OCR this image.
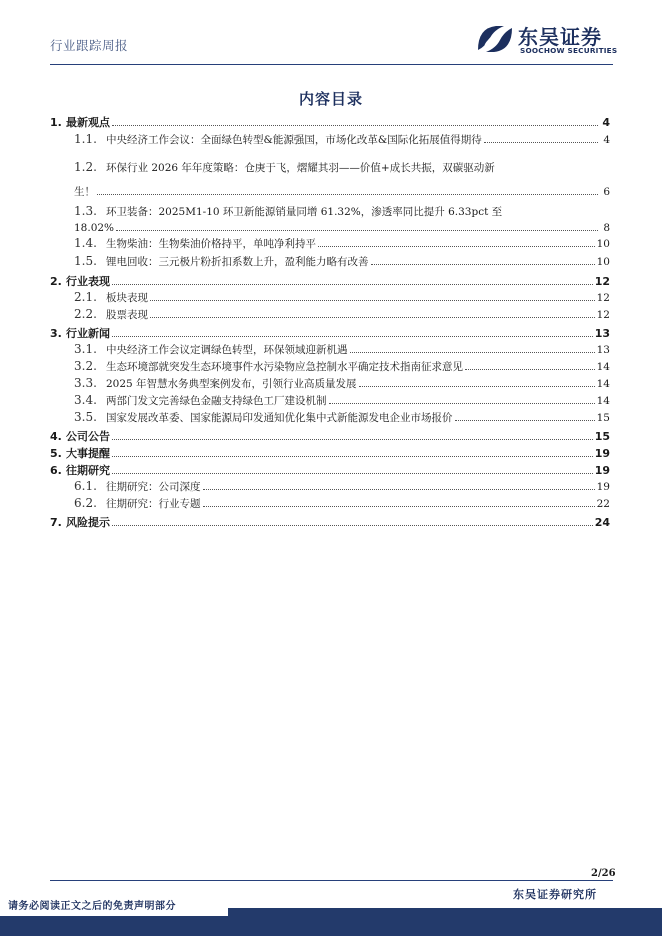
行业跟踪周报	东吴证券
SOOCHOW SECURITIES
内容目录
1. 最新观点	4
1.1. 中央经济工作会议：全面绿色转型&能源强国，市场化改革&国际化拓展值得期待	4
1.2. 环保行业 2026 年年度策略：仓庚于飞，熠耀其羽——价值+成长共振，双碳驱动新
生！	6
1.3. 环卫装备：2025M1-10 环卫新能源销量同增 61.32%，渗透率同比提升 6.33pct 至
18.02%	8
1.4. 生物柴油：生物柴油价格持平，单吨净利持平	10
1.5. 锂电回收：三元极片粉折扣系数上升，盈利能力略有改善	10
2. 行业表现	12
2.1. 板块表现	12
2.2. 股票表现	12
3. 行业新闻	13
3.1. 中央经济工作会议定调绿色转型，环保领域迎新机遇	13
3.2. 生态环境部就突发生态环境事件水污染物应急控制水平确定技术指南征求意见	14
3.3. 2025 年智慧水务典型案例发布，引领行业高质量发展	14
3.4. 两部门发文完善绿色金融支持绿色工厂建设机制	14
3.5. 国家发展改革委、国家能源局印发通知优化集中式新能源发电企业市场报价	15
4. 公司公告	15
5. 大事提醒	19
6. 往期研究	19
6.1. 往期研究：公司深度	19
6.2. 往期研究：行业专题	22
7. 风险提示	24
2/26
东吴证券研究所
请务必阅读正文之后的免责声明部分
